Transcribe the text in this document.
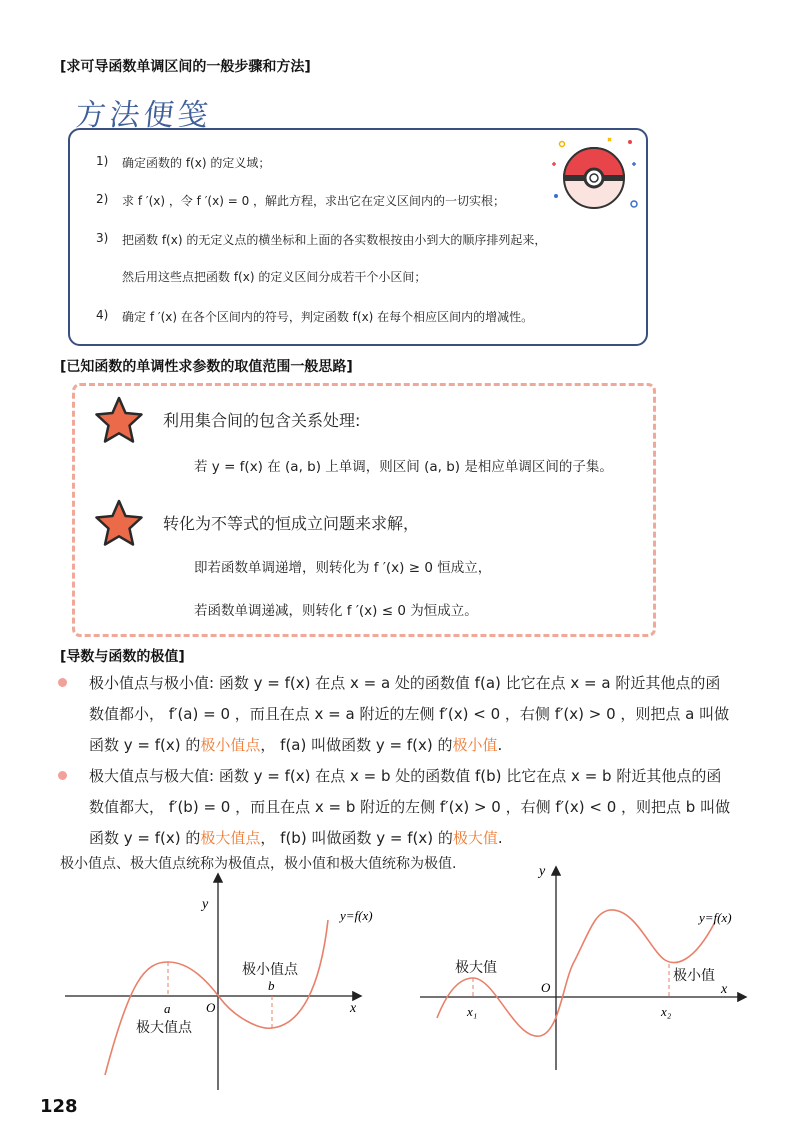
[求可导函数单调区间的一般步骤和方法]
方法便笺
1) 确定函数的 f(x) 的定义域；
2) 求 f ′(x) ，令 f ′(x) = 0 ，解此方程，求出它在定义区间内的一切实根；
3) 把函数 f(x) 的无定义点的横坐标和上面的各实数根按由小到大的顺序排列起来，
然后用这些点把函数 f(x) 的定义区间分成若干个小区间；
4) 确定 f ′(x) 在各个区间内的符号，判定函数 f(x) 在每个相应区间内的增减性。
[已知函数的单调性求参数的取值范围一般思路]
利用集合间的包含关系处理:
若 y = f(x) 在 (a, b) 上单调，则区间 (a, b) 是相应单调区间的子集。
转化为不等式的恒成立问题来求解，
即若函数单调递增，则转化为 f ′(x) ≥ 0 恒成立，
若函数单调递减，则转化 f ′(x) ≤ 0 为恒成立。
[导数与函数的极值]
极小值点与极小值: 函数 y = f(x) 在点 x = a 处的函数值 f(a) 比它在点 x = a 附近其他点的函
数值都小， f′(a) = 0 ，而且在点 x = a 附近的左侧 f′(x) < 0 ，右侧 f′(x) > 0 ，则把点 a 叫做
函数 y = f(x) 的极小值点， f(a) 叫做函数 y = f(x) 的极小值.
极大值点与极大值: 函数 y = f(x) 在点 x = b 处的函数值 f(b) 比它在点 x = b 附近其他点的函
数值都大， f′(b) = 0 ，而且在点 x = b 附近的左侧 f′(x) > 0 ，右侧 f′(x) < 0 ，则把点 b 叫做
函数 y = f(x) 的极大值点， f(b) 叫做函数 y = f(x) 的极大值.
极小值点、极大值点统称为极值点，极小值和极大值统称为极值.
y
x
O
a
b
y=f(x)
极小值点
极大值点
y
x
O
x₁	x₂
y=f(x)
极大值	极小值
128
